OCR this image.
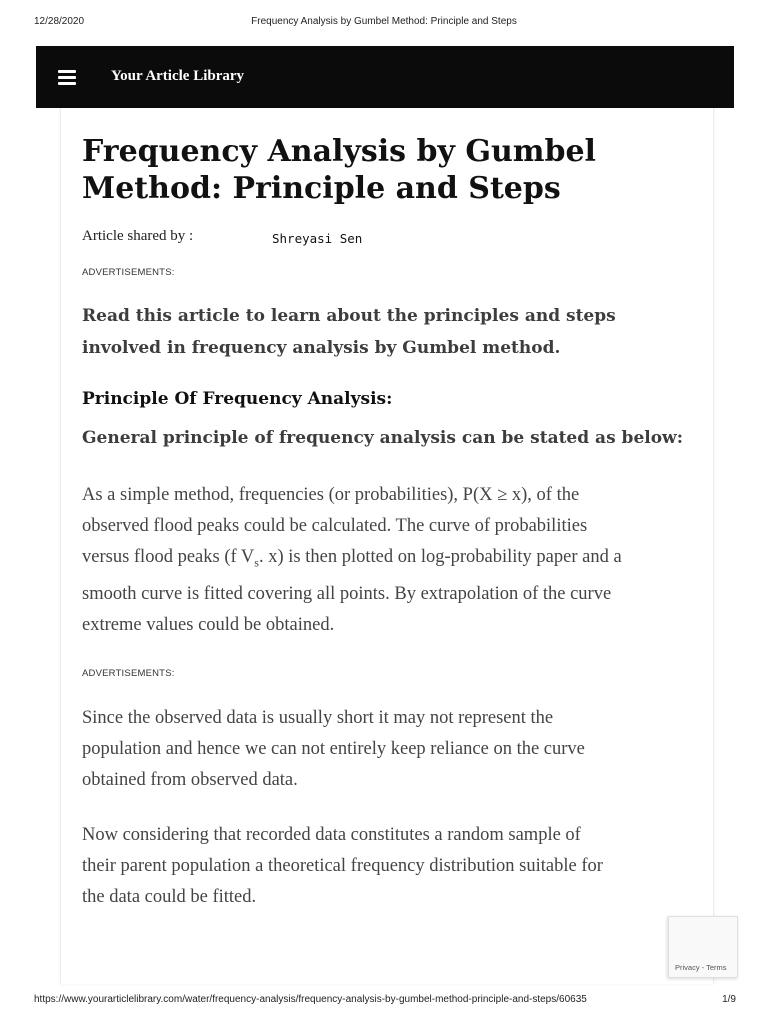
12/28/2020	Frequency Analysis by Gumbel Method: Principle and Steps
Your Article Library
Frequency Analysis by Gumbel Method: Principle and Steps
Article shared by :	Shreyasi Sen
ADVERTISEMENTS:

Read this article to learn about the principles and steps involved in frequency analysis by Gumbel method.

Principle Of Frequency Analysis:
General principle of frequency analysis can be stated as below:

As a simple method, frequencies (or probabilities), P(X ≥ x), of the
observed flood peaks could be calculated. The curve of probabilities
versus flood peaks (f $V_s$. x) is then plotted on log-probability paper and a
smooth curve is fitted covering all points. By extrapolation of the curve
extreme values could be obtained.

ADVERTISEMENTS:

Since the observed data is usually short it may not represent the
population and hence we can not entirely keep reliance on the curve
obtained from observed data.

Now considering that recorded data constitutes a random sample of
their parent population a theoretical frequency distribution suitable for
the data could be fitted.

Privacy - Terms
https://www.yourarticlelibrary.com/water/frequency-analysis/frequency-analysis-by-gumbel-method-principle-and-steps/60635	1/9
